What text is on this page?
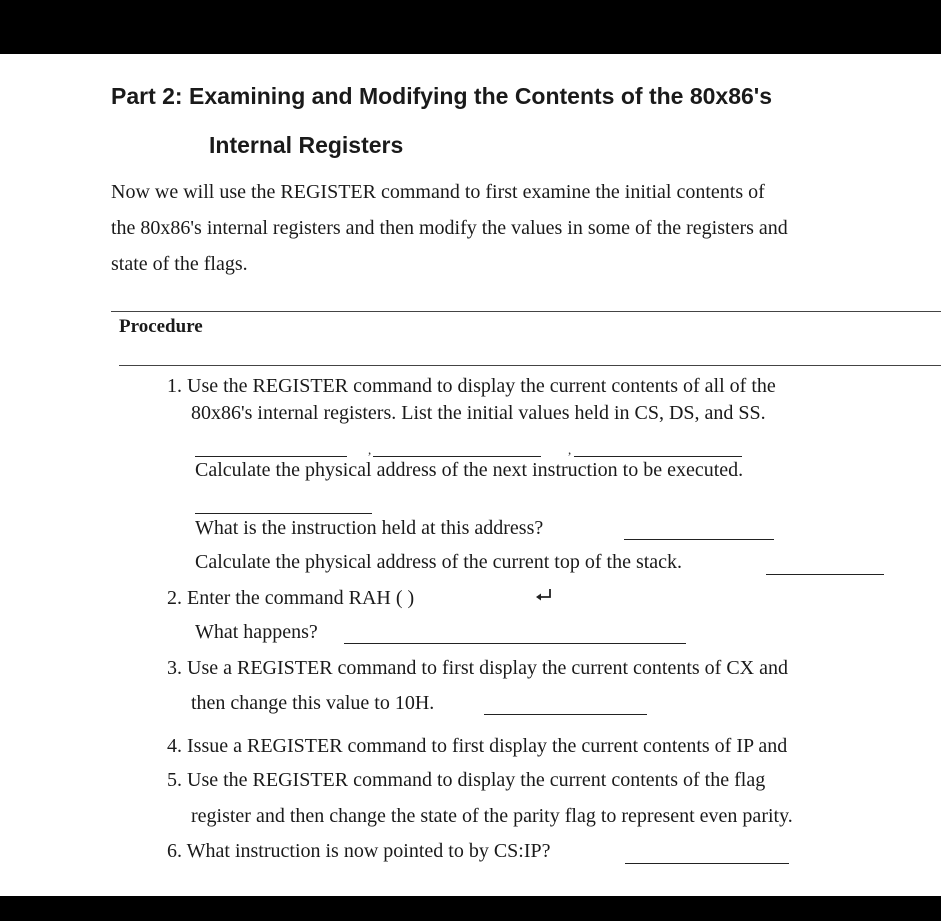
Part 2: Examining and Modifying the Contents of the 80x86's
Internal Registers
Now we will use the REGISTER command to first examine the initial contents of
the 80x86's internal registers and then modify the values in some of the registers and
state of the flags.
Procedure
1. Use the REGISTER command to display the current contents of all of the
80x86's internal registers. List the initial values held in CS, DS, and SS.
,	,
Calculate the physical address of the next instruction to be executed.
What is the instruction held at this address?
Calculate the physical address of the current top of the stack.
2. Enter the command RAH ( )
What happens?
3. Use a REGISTER command to first display the current contents of CX and
then change this value to 10H.
4. Issue a REGISTER command to first display the current contents of IP and
5. Use the REGISTER command to display the current contents of the flag
register and then change the state of the parity flag to represent even parity.
6. What instruction is now pointed to by CS:IP?
